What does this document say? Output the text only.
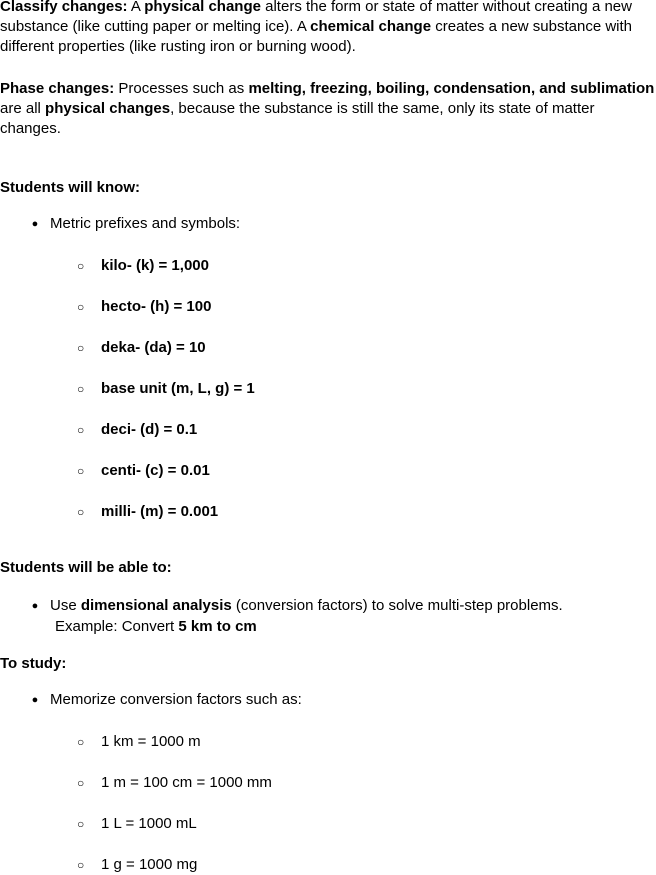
Classify changes: A physical change alters the form or state of matter without creating a new substance (like cutting paper or melting ice). A chemical change creates a new substance with different properties (like rusting iron or burning wood).

Phase changes: Processes such as melting, freezing, boiling, condensation, and sublimation are all physical changes, because the substance is still the same, only its state of matter changes.

Students will know:
● Metric prefixes and symbols:
○ kilo- (k) = 1,000
○ hecto- (h) = 100
○ deka- (da) = 10
○ base unit (m, L, g) = 1
○ deci- (d) = 0.1
○ centi- (c) = 0.01
○ milli- (m) = 0.001
Students will be able to:
● Use dimensional analysis (conversion factors) to solve multi-step problems.
Example: Convert 5 km to cm
To study:
● Memorize conversion factors such as:
○ 1 km = 1000 m
○ 1 m = 100 cm = 1000 mm
○ 1 L = 1000 mL
○ 1 g = 1000 mg
